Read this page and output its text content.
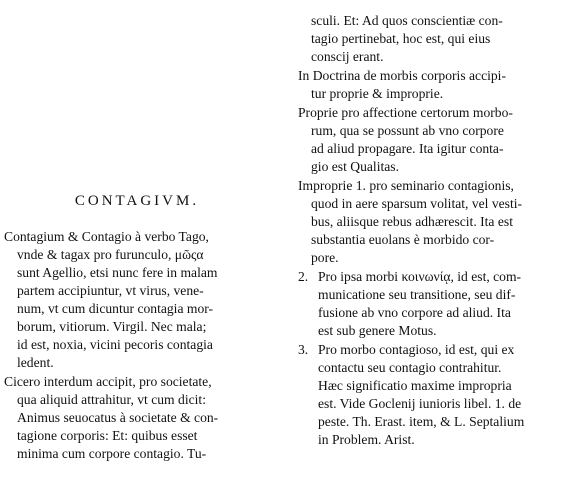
CONTAGIVM.
Contagium & Contagio à verbo Tago,
vnde & tagax pro furunculo, μῶςα
sunt Agellio, etsi nunc fere in malam
partem accipiuntur, vt virus, vene-
num, vt cum dicuntur contagia mor-
borum, vitiorum. Virgil. Nec mala;
id est, noxia, vicini pecoris contagia
ledent.
Cicero interdum accipit, pro societate,
qua aliquid attrahitur, vt cum dicit:
Animus seuocatus à societate & con-
tagione corporis: Et: quibus esset
minima cum corpore contagio. Tu-
sculi. Et: Ad quos conscientiæ con-
tagio pertinebat, hoc est, qui eius
conscij erant.
In Doctrina de morbis corporis accipi-
tur proprie & improprie.
Proprie pro affectione certorum morbo-
rum, qua se possunt ab vno corpore
ad aliud propagare. Ita igitur conta-
gio est Qualitas.
Improprie 1. pro seminario contagionis,
quod in aere sparsum volitat, vel vesti-
bus, aliisque rebus adhærescit. Ita est
substantia euolans è morbido cor-
pore.
2. Pro ipsa morbi κοινωνίᾳ, id est, com-
municatione seu transitione, seu dif-
fusione ab vno corpore ad aliud. Ita
est sub genere Motus.
3. Pro morbo contagioso, id est, qui ex
contactu seu contagio contrahitur.
Hæc significatio maxime impropria
est. Vide Goclenij iunioris libel. 1. de
peste. Th. Erast. item, & L. Septalium
in Problem. Arist.
